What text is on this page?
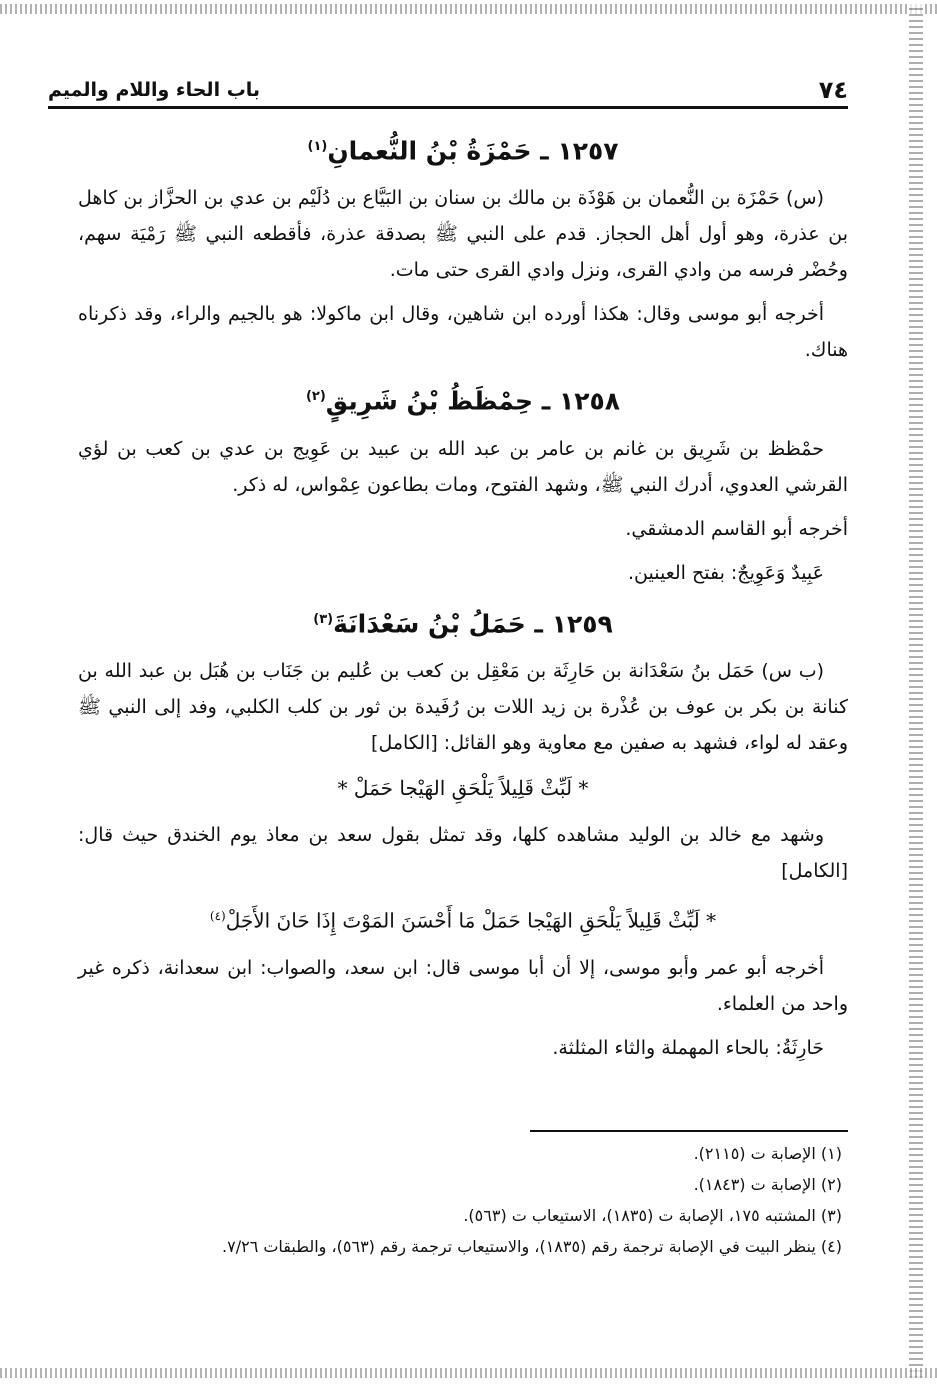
٧٤
باب الحاء واللام والميم
١٢٥٧ ـ حَمْزَةُ بْنُ النُّعمانِ$^{(١)}$

(س) حَمْزَة بن النُّعمان بن هَوْذَة بن مالك بن سنان بن البَيَّاع بن دُلَيْم بن عدي بن الحزَّاز بن كاهل بن عذرة، وهو أول أهل الحجاز. قدم على النبي ﷺ بصدقة عذرة، فأقطعه النبي ﷺ رَمْيَة سهم، وحُضْر فرسه من وادي القرى، ونزل وادي القرى حتى مات.

أخرجه أبو موسى وقال: هكذا أورده ابن شاهين، وقال ابن ماكولا: هو بالجيم والراء، وقد ذكرناه هناك.

١٢٥٨ ـ حِمْظَظُ بْنُ شَرِيقٍ$^{(٢)}$

حمْظظ بن شَرِيق بن غانم بن عامر بن عبد الله بن عبيد بن عَوِيج بن عدي بن كعب بن لؤي القرشي العدوي، أدرك النبي ﷺ، وشهد الفتوح، ومات بطاعون عِمْواس، له ذكر.

أخرجه أبو القاسم الدمشقي.

عَبِيدٌ وَعَوِيجٌ: بفتح العينين.

١٢٥٩ ـ حَمَلُ بْنُ سَعْدَانَةَ$^{(٣)}$

(ب س) حَمَل بنُ سَعْدَانة بن حَارِثَة بن مَعْقِل بن كعب بن عُليم بن جَنَاب بن هُبَل بن عبد الله بن كنانة بن بكر بن عوف بن عُذْرة بن زيد اللات بن رُفَيدة بن ثور بن كلب الكلبي، وفد إلى النبي ﷺ وعقد له لواء، فشهد به صفين مع معاوية وهو القائل: [الكامل]

* لَبِّثْ قَلِيلاً يَلْحَقِ الهَيْجا حَمَلْ *

وشهد مع خالد بن الوليد مشاهده كلها، وقد تمثل بقول سعد بن معاذ يوم الخندق حيث قال: [الكامل]

* لَبِّثْ قَلِيلاً يَلْحَقِ الهَيْجا حَمَلْ مَا أَحْسَنَ المَوْتَ إِذَا حَانَ الأَجَلْ$^{(٤)}$

أخرجه أبو عمر وأبو موسى، إلا أن أبا موسى قال: ابن سعد، والصواب: ابن سعدانة، ذكره غير واحد من العلماء.

حَارِثَةُ: بالحاء المهملة والثاء المثلثة.

(١) الإصابة ت (٢١١٥).
(٢) الإصابة ت (١٨٤٣).
(٣) المشتبه ١٧٥، الإصابة ت (١٨٣٥)، الاستيعاب ت (٥٦٣).
(٤) ينظر البيت في الإصابة ترجمة رقم (١٨٣٥)، والاستيعاب ترجمة رقم (٥٦٣)، والطبقات ٧/٢٦.
